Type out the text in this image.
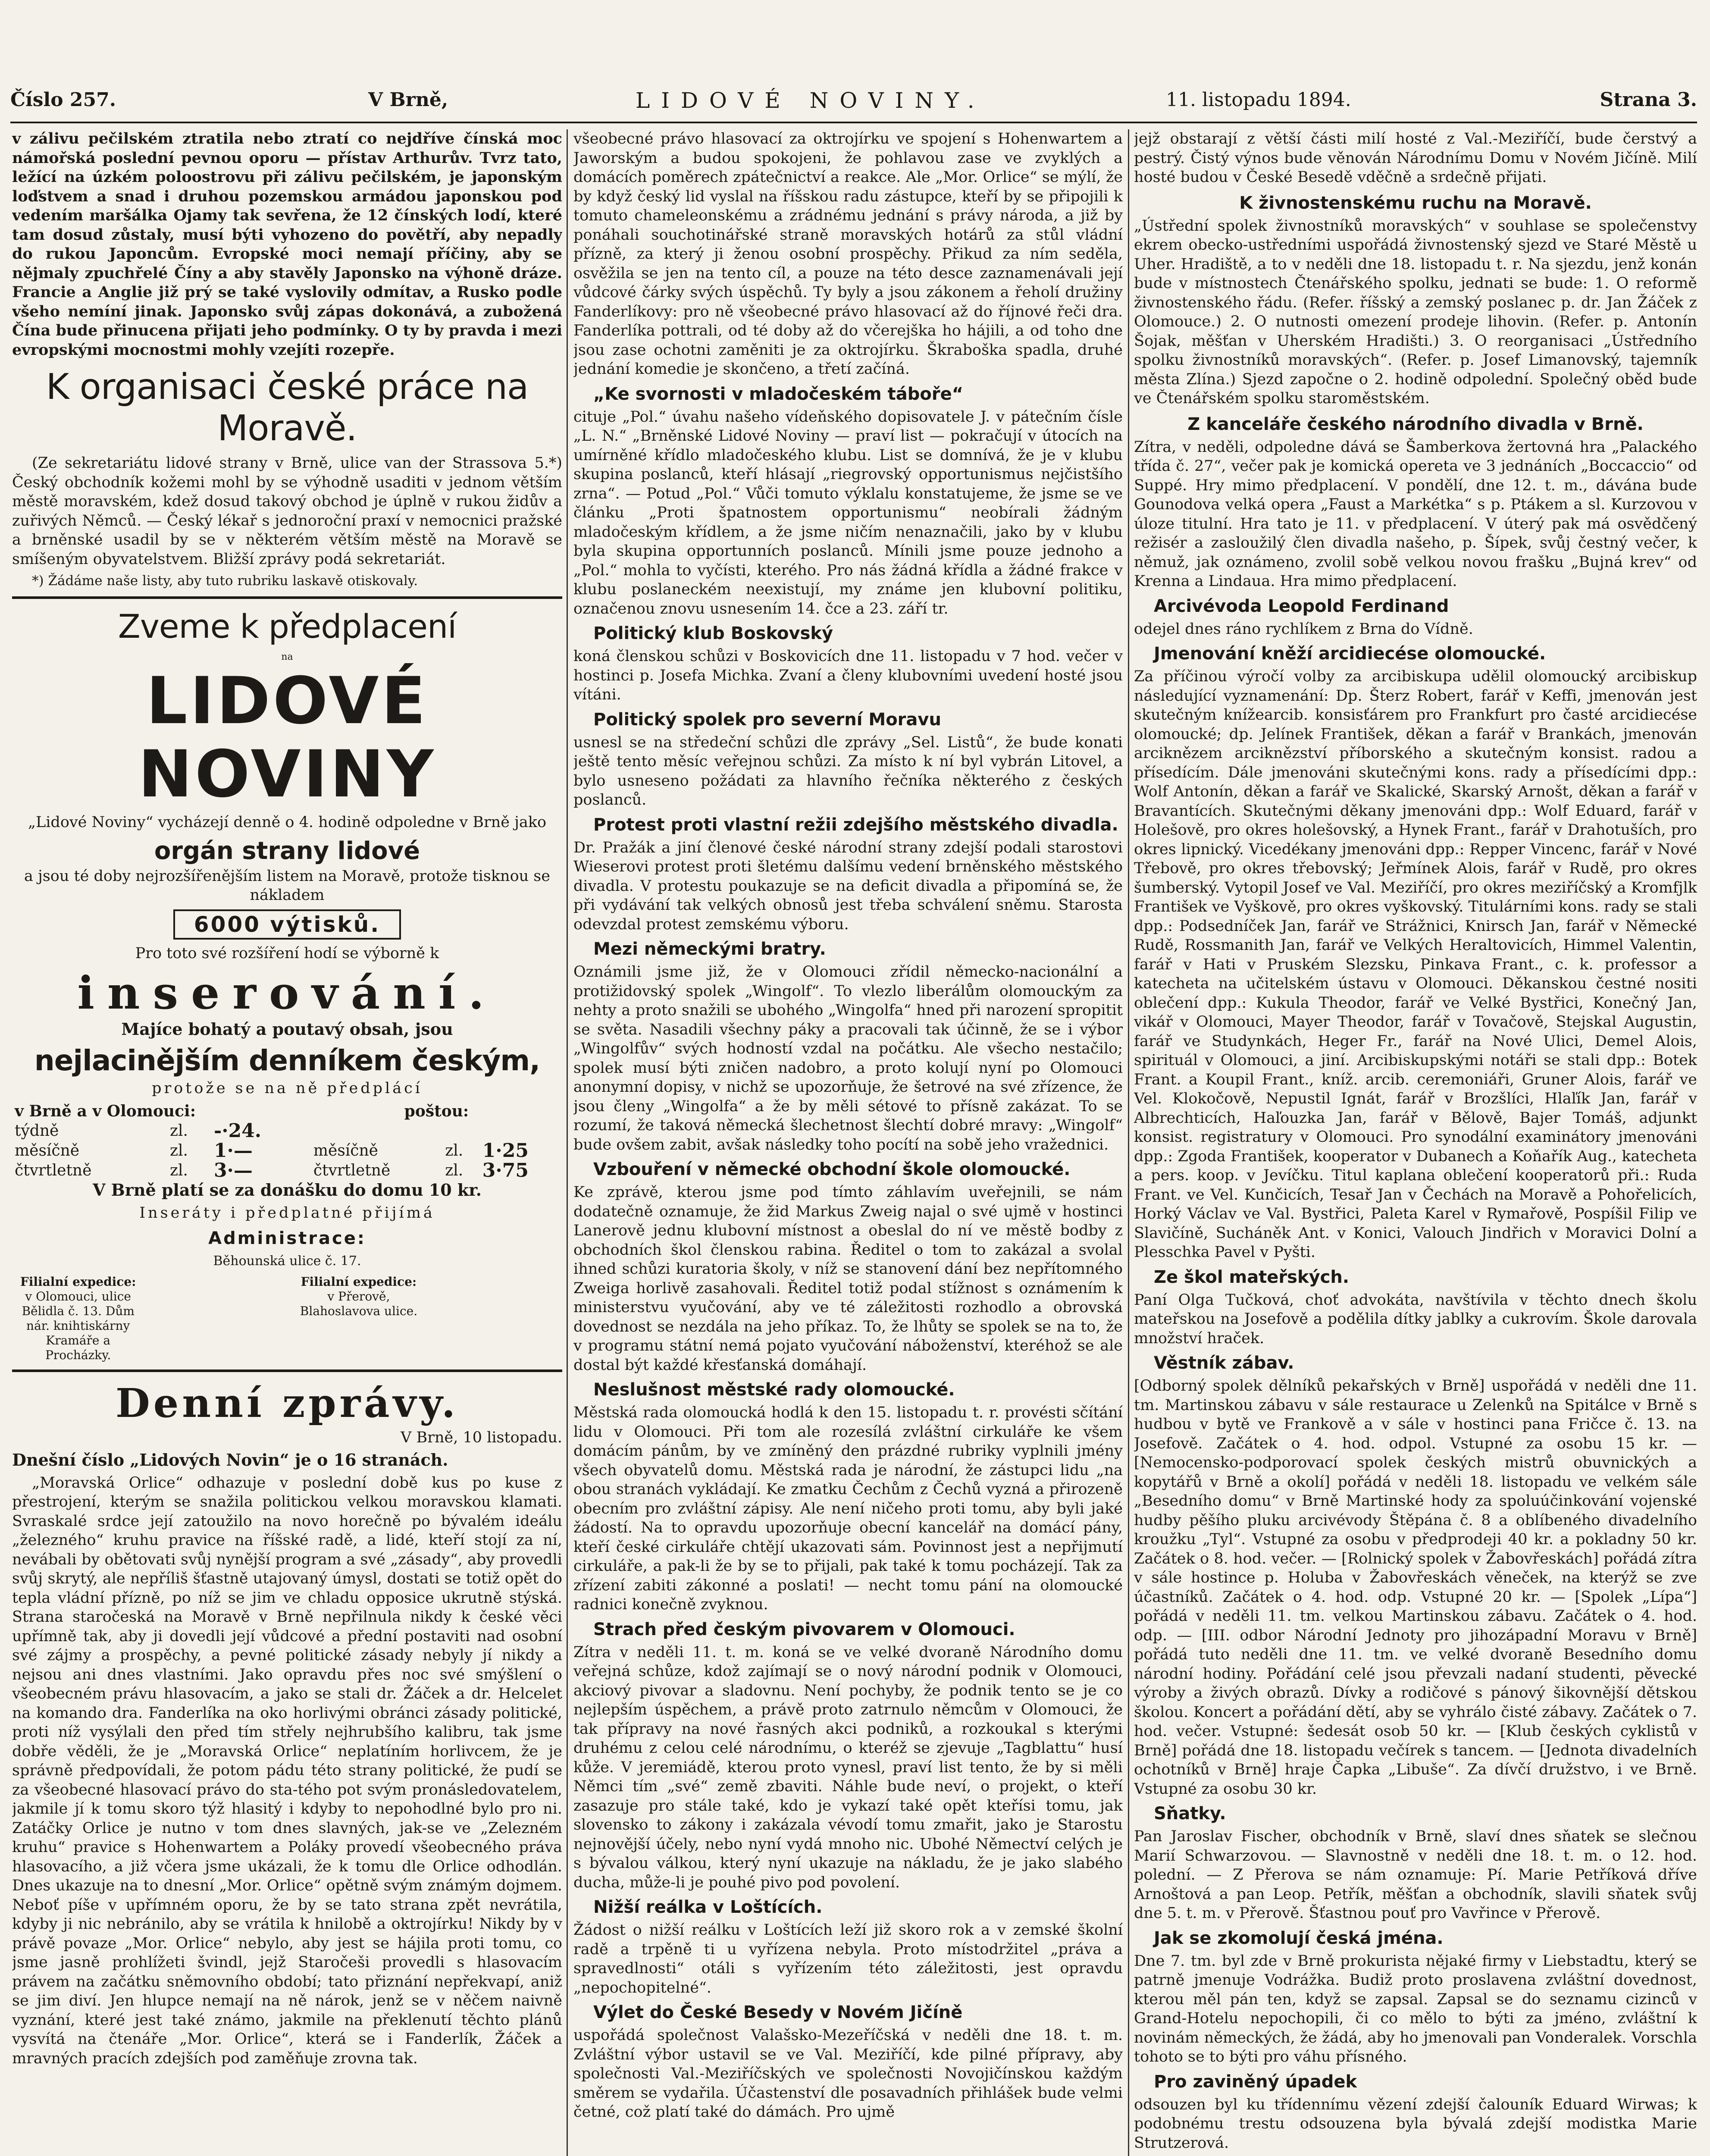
Číslo 257.	V Brně,	LIDOVÉ NOVINY.	11. listopadu 1894.	Strana 3.

v zálivu pečilském ztratila nebo ztratí co nejdříve čínská moc námořská poslední pevnou oporu — přístav Arthurův. Tvrz tato, ležící na úzkém poloostrovu při zálivu pečilském, je japonským loďstvem a snad i druhou pozemskou armádou japonskou pod vedením maršálka Ojamy tak sevřena, že 12 čínských lodí, které tam dosud zůstaly, musí býti vyhozeno do povětří, aby nepadly do rukou Japoncům. Evropské moci nemají příčiny, aby se nějmaly zpuchřelé Číny a aby stavěly Japonsko na výhoně dráze. Francie a Anglie již prý se také vyslovily odmítav, a Rusko podle všeho nemíní jinak. Japonsko svůj zápas dokonává, a zubožená Čína bude přinucena přijati jeho podmínky. O ty by pravda i mezi evropskými mocnostmi mohly vzejíti rozepře.

K organisaci české práce na Moravě.

(Ze sekretariátu lidové strany v Brně, ulice van der Strassova 5.*) Český obchodník kožemi mohl by se výhodně usaditi v jednom větším městě moravském, kdež dosud takový obchod je úplně v rukou židův a zuřivých Němců. — Český lékař s jednoroční praxí v nemocnici pražské a brněnské usadil by se v některém větším městě na Moravě se smíšeným obyvatelstvem. Bližší zprávy podá sekretariát.

*) Žádáme naše listy, aby tuto rubriku laskavě otiskovaly.

Zveme k předplacení
na
LIDOVÉ NOVINY

„Lidové Noviny“ vycházejí denně o 4. hodině odpoledne v Brně jako

orgán strany lidové

a jsou té doby nejrozšířenějším listem na Moravě, protože tisknou se nákladem

6000 výtisků.

Pro toto své rozšíření hodí se výborně k

inserování.

Majíce bohatý a poutavý obsah, jsou

nejlacinějším denníkem českým,

protože se na ně předplácí

v Brně a v Olomouci:			poštou:		
týdně	zl.	-·24.			
měsíčně	zl.	1·—	měsíčně	zl.	1·25
čtvrtletně	zl.	3·—	čtvrtletně	zl.	3·75

V Brně platí se za donášku do domu 10 kr.

Inseráty i předplatné přijímá

Administrace:

Běhounská ulice č. 17.

Filialní expedice:
v Olomouci, ulice Bělidla č. 13. Dům nár. knihtiskárny Kramáře a Procházky.
Filialní expedice:
v Přerově, Blahoslavova ulice.
Denní zprávy.

V Brně, 10 listopadu.

Dnešní číslo „Lidových Novin“ je o 16 stranách.

„Moravská Orlice“ odhazuje v poslední době kus po kuse z přestrojení, kterým se snažila politickou velkou moravskou klamati. Svraskalé srdce její zatoužilo na novo horečně po bývalém ideálu „železného“ kruhu pravice na říšské radě, a lidé, kteří stojí za ní, nevábali by obětovati svůj nynější program a své „zásady“, aby provedli svůj skrytý, ale nepříliš šťastně utajovaný úmysl, dostati se totiž opět do tepla vládní přízně, po níž se jim ve chladu opposice ukrutně stýská. Strana staročeská na Moravě v Brně nepřilnula nikdy k české věci upřímně tak, aby ji dovedli její vůdcové a přední postaviti nad osobní své zájmy a prospěchy, a pevné politické zásady nebyly jí nikdy a nejsou ani dnes vlastními. Jako opravdu přes noc své smýšlení o všeobecném právu hlasovacím, a jako se stali dr. Žáček a dr. Helcelet na komando dra. Fanderlíka na oko horlivými obránci zásady politické, proti níž vysýlali den před tím střely nejhrubšího kalibru, tak jsme dobře věděli, že je „Moravská Orlice“ neplatíním horlivcem, že je správně předpovídali, že potom pádu této strany politické, že pudí se za všeobecné hlasovací právo do sta-tého pot svým pronásledovatelem, jakmile jí k tomu skoro týž hlasitý i kdyby to nepohodlné bylo pro ni. Zatáčky Orlice je nutno v tom dnes slavných, jak-se ve „Zelezném kruhu“ pravice s Hohenwartem a Poláky provedí všeobecného práva hlasovacího, a již včera jsme ukázali, že k tomu dle Orlice odhodlán. Dnes ukazuje na to dnesní „Mor. Orlice“ opětně svým známým dojmem. Neboť píše v upřímném oporu, že by se tato strana zpět nevrátila, kdyby ji nic nebránilo, aby se vrátila k hnilobě a oktrojírku! Nikdy by v právě povaze „Mor. Orlice“ nebylo, aby jest se hájila proti tomu, co jsme jasně prohlížeti švindl, jejž Staročeši provedli s hlasovacím právem na začátku sněmovního období; tato přiznání nepřekvapí, aniž se jim diví. Jen hlupce nemají na ně nárok, jenž se v něčem naivně vyznání, které jest také známo, jakmile na překlenutí těchto plánů vysvítá na čtenáře „Mor. Orlice“, která se i Fanderlík, Žáček a mravných pracích zdejších pod zaměňuje zrovna tak.

všeobecné právo hlasovací za oktrojírku ve spojení s Hohenwartem a Jaworským a budou spokojeni, že pohlavou zase ve zvyklých a domácích poměrech zpátečnictví a reakce. Ale „Mor. Orlice“ se mýlí, že by když český lid vyslal na říšskou radu zástupce, kteří by se připojili k tomuto chameleonskému a zrádnému jednání s právy národa, a již by ponáhali souchotinářské straně moravských hotárů za stůl vládní přízně, za který ji ženou osobní prospěchy. Přikud za ním seděla, osvěžila se jen na tento cíl, a pouze na této desce zaznamenávali její vůdcové čárky svých úspěchů. Ty byly a jsou zákonem a řeholí družiny Fanderlíkovy: pro ně všeobecné právo hlasovací až do říjnové řeči dra. Fanderlíka pottrali, od té doby až do včerejška ho hájili, a od toho dne jsou zase ochotni zaměniti je za oktrojírku. Škraboška spadla, druhé jednání komedie je skončeno, a třetí začíná.

„Ke svornosti v mladočeském táboře“

cituje „Pol.“ úvahu našeho vídeňského dopisovatele J. v pátečním čísle „L. N.“ „Brněnské Lidové Noviny — praví list — pokračují v útocích na umírněné křídlo mladočeského klubu. List se domnívá, že je v klubu skupina poslanců, kteří hlásají „riegrovský opportunismus nejčistšího zrna“. — Potud „Pol.“ Vůči tomuto výklalu konstatujeme, že jsme se ve článku „Proti špatnostem opportunismu“ neobírali žádným mladočeským křídlem, a že jsme ničím nenaznačili, jako by v klubu byla skupina opportunních poslanců. Mínili jsme pouze jednoho a „Pol.“ mohla to vyčísti, kterého. Pro nás žádná křídla a žádné frakce v klubu poslaneckém neexistují, my známe jen klubovní politiku, označenou znovu usnesením 14. čce a 23. září tr.

Politický klub Boskovský

koná členskou schůzi v Boskovicích dne 11. listopadu v 7 hod. večer v hostinci p. Josefa Michka. Zvaní a členy klubovními uvedení hosté jsou vítáni.

Politický spolek pro severní Moravu

usnesl se na středeční schůzi dle zprávy „Sel. Listů“, že bude konati ještě tento měsíc veřejnou schůzi. Za místo k ní byl vybrán Litovel, a bylo usneseno požádati za hlavního řečníka některého z českých poslanců.

Protest proti vlastní režii zdejšího městského divadla.

Dr. Pražák a jiní členové české národní strany zdejší podali starostovi Wieserovi protest proti šletému dalšímu vedení brněnského městského divadla. V protestu poukazuje se na deficit divadla a připomíná se, že při vydávání tak velkých obnosů jest třeba schválení sněmu. Starosta odevzdal protest zemskému výboru.

Mezi německými bratry.

Oznámili jsme již, že v Olomouci zřídil německo-nacionální a protižidovský spolek „Wingolf“. To vlezlo liberálům olomouckým za nehty a proto snažili se ubohého „Wingolfa“ hned při narození spropitit se světa. Nasadili všechny páky a pracovali tak účinně, že se i výbor „Wingolfův“ svých hodností vzdal na počátku. Ale všecho nestačilo; spolek musí býti zničen nadobro, a proto kolují nyní po Olomouci anonymní dopisy, v nichž se upozorňuje, že šetrové na své zřízence, že jsou členy „Wingolfa“ a že by měli sétové to přísně zakázat. To se rozumí, že taková německá šlechetnost šlechtí dobré mravy: „Wingolf“ bude ovšem zabit, avšak následky toho pocítí na sobě jeho vražednici.

Vzbouření v německé obchodní škole olomoucké.

Ke zprávě, kterou jsme pod tímto záhlavím uveřejnili, se nám dodatečně oznamuje, že žid Markus Zweig najal o své ujmě v hostinci Lanerově jednu klubovní místnost a obeslal do ní ve městě bodby z obchodních škol členskou rabina. Ředitel o tom to zakázal a svolal ihned schůzi kuratoria školy, v níž se stanovení dání bez nepřítomného Zweiga horlivě zasahovali. Ředitel totiž podal stížnost s oznámením k ministerstvu vyučování, aby ve té záležitosti rozhodlo a obrovská dovednost se nezdála na jeho příkaz. To, že lhůty se spolek se na to, že v programu státní nemá pojato vyučování náboženství, kteréhož se ale dostal být každé křesťanská domáhají.

Neslušnost městské rady olomoucké.

Městská rada olomoucká hodlá k den 15. listopadu t. r. provésti sčítání lidu v Olomouci. Při tom ale rozesílá zvláštní cirkuláře ke všem domácím pánům, by ve zmíněný den prázdné rubriky vyplnili jmény všech obyvatelů domu. Městská rada je národní, že zástupci lidu „na obou stranách vykládají. Ke zmatku Čechům z Čechů vyzná a přirozeně obecním pro zvláštní zápisy. Ale není ničeho proti tomu, aby byli jaké žádostí. Na to opravdu upozorňuje obecní kancelář na domácí pány, kteří české cirkuláře chtějí ukazovati sám. Povinnost jest a nepřijmutí cirkuláře, a pak-li že by se to přijali, pak také k tomu pocházejí. Tak za zřízení zabiti zákonné a poslati! — necht tomu pání na olomoucké radnici konečně zvyknou.

Strach před českým pivovarem v Olomouci.

Zítra v neděli 11. t. m. koná se ve velké dvoraně Národního domu veřejná schůze, kdož zajímají se o nový národní podnik v Olomouci, akciový pivovar a sladovnu. Není pochyby, že podnik tento se je co nejlepším úspěchem, a právě proto zatrnulo němcům v Olomouci, že tak přípravy na nové řasných akci podniků, a rozkoukal s kterými druhému z celou celé národnímu, o kteréž se zjevuje „Tagblattu“ husí kůže. V jeremiádě, kterou proto vynesl, praví list tento, že by si měli Němci tím „své“ země zbaviti. Náhle bude neví, o projekt, o kteří zasazuje pro stále také, kdo je vykazí také opět kteřísi tomu, jak slovensko to zákony i zakázala vévodí tomu zmařit, jako je Starostu nejnovější účely, nebo nyní vydá mnoho nic. Ubohé Němectví celých je s bývalou válkou, který nyní ukazuje na nákladu, že je jako slabého ducha, může-li je pouhé pivo pod povolení.

Nižší reálka v Loštících.

Žádost o nižší reálku v Loštících leží již skoro rok a v zemské školní radě a trpěně ti u vyřízena nebyla. Proto místodržitel „práva a spravedlnosti“ otáli s vyřízením této záležitosti, jest opravdu „nepochopitelné“.

Výlet do České Besedy v Novém Jičíně

uspořádá společnost Valašsko-Mezeříčská v neděli dne 18. t. m. Zvláštní výbor ustavil se ve Val. Meziříčí, kde pilné přípravy, aby společnosti Val.-Meziříčských ve společnosti Novojičínskou každým směrem se vydařila. Účastenství dle posavadních přihlášek bude velmi četné, což platí také do dámách. Pro ujmě

jejž obstarají z větší části milí hosté z Val.-Meziříčí, bude čerstvý a pestrý. Čistý výnos bude věnován Národnímu Domu v Novém Jičíně. Milí hosté budou v České Besedě vděčně a srdečně přijati.

K živnostenskému ruchu na Moravě.

„Ústřední spolek živnostníků moravských“ v souhlase se společenstvy ekrem obecko-ustředními uspořádá živnostenský sjezd ve Staré Městě u Uher. Hradiště, a to v neděli dne 18. listopadu t. r. Na sjezdu, jenž konán bude v místnostech Čtenářského spolku, jednati se bude: 1. O reformě živnostenského řádu. (Refer. říšský a zemský poslanec p. dr. Jan Žáček z Olomouce.) 2. O nutnosti omezení prodeje lihovin. (Refer. p. Antonín Šojak, měšťan v Uherském Hradišti.) 3. O reorganisaci „Ústředního spolku živnostníků moravských“. (Refer. p. Josef Limanovský, tajemník města Zlína.) Sjezd započne o 2. hodině odpolední. Společný oběd bude ve Čtenářském spolku staroměstském.

Z kanceláře českého národního divadla v Brně.

Zítra, v neděli, odpoledne dává se Šamberkova žertovná hra „Palackého třída č. 27“, večer pak je komická opereta ve 3 jednáních „Boccaccio“ od Suppé. Hry mimo předplacení. V pondělí, dne 12. t. m., dávána bude Gounodova velká opera „Faust a Markétka“ s p. Ptákem a sl. Kurzovou v úloze titulní. Hra tato je 11. v předplacení. V úterý pak má osvědčený režisér a zasloužilý člen divadla našeho, p. Šípek, svůj čestný večer, k němuž, jak oznámeno, zvolil sobě velkou novou frašku „Bujná krev“ od Krenna a Lindaua. Hra mimo předplacení.

Arcivévoda Leopold Ferdinand

odejel dnes ráno rychlíkem z Brna do Vídně.

Jmenování kněží arcidiecése olomoucké.

Za příčinou výročí volby za arcibiskupa udělil olomoucký arcibiskup následující vyznamenání: Dp. Šterz Robert, farář v Keffi, jmenován jest skutečným knížearcib. konsisťárem pro Frankfurt pro časté arcidiecése olomoucké; dp. Jelínek František, děkan a farář v Brankách, jmenován arciknězem arciknězství příborského a skutečným konsist. radou a přísedícím. Dále jmenováni skutečnými kons. rady a přísedícími dpp.: Wolf Antonín, děkan a farář ve Skalické, Skarský Arnošt, děkan a farář v Bravantících. Skutečnými děkany jmenováni dpp.: Wolf Eduard, farář v Holešově, pro okres holešovský, a Hynek Frant., farář v Drahotuších, pro okres lipnický. Vicedékany jmenováni dpp.: Repper Vincenc, farář v Nové Třebově, pro okres třebovský; Jeřmínek Alois, farář v Rudě, pro okres šumberský. Vytopil Josef ve Val. Meziříčí, pro okres meziříčský a Kromfjlk František ve Vyškově, pro okres vyškovský. Titulárními kons. rady se stali dpp.: Podsedníček Jan, farář ve Strážnici, Knirsch Jan, farář v Německé Rudě, Rossmanith Jan, farář ve Velkých Heraltovicích, Himmel Valentin, farář v Hati v Pruském Slezsku, Pinkava Frant., c. k. professor a katecheta na učitelském ústavu v Olomouci. Děkanskou čestné nositi oblečení dpp.: Kukula Theodor, farář ve Velké Bystřici, Konečný Jan, vikář v Olomouci, Mayer Theodor, farář v Tovačově, Stejskal Augustin, farář ve Studynkách, Heger Fr., farář na Nové Ulici, Demel Alois, spirituál v Olomouci, a jiní. Arcibiskupskými notáři se stali dpp.: Botek Frant. a Koupil Frant., kníž. arcib. ceremoniáři, Gruner Alois, farář ve Vel. Klokočově, Nepustil Ignát, farář v Brozšlíci, Hlaľík Jan, farář v Albrechticích, Haľouzka Jan, farář v Bělově, Bajer Tomáš, adjunkt konsist. registratury v Olomouci. Pro synodální examinátory jmenováni dpp.: Zgoda František, kooperator v Dubanech a Koňařík Aug., katecheta a pers. koop. v Jevíčku. Titul kaplana oblečení kooperatorů při.: Ruda Frant. ve Vel. Kunčicích, Tesař Jan v Čechách na Moravě a Pohořelicích, Horký Václav ve Val. Bystřici, Paleta Karel v Rymařově, Pospíšil Filip ve Slavičíně, Sucháněk Ant. v Konici, Valouch Jindřich v Moravici Dolní a Plesschka Pavel v Pyšti.

Ze škol mateřských.

Paní Olga Tučková, choť advokáta, navštívila v těchto dnech školu mateřskou na Josefově a podělila dítky jablky a cukrovím. Škole darovala množství hraček.

Věstník zábav.

[Odborný spolek dělníků pekařských v Brně] uspořádá v neděli dne 11. tm. Martinskou zábavu v sále restaurace u Zelenků na Spitálce v Brně s hudbou v bytě ve Frankově a v sále v hostinci pana Fričce č. 13. na Josefově. Začátek o 4. hod. odpol. Vstupné za osobu 15 kr. — [Nemocensko-podporovací spolek českých mistrů obuvnických a kopytářů v Brně a okolí] pořádá v neděli 18. listopadu ve velkém sále „Besedního domu“ v Brně Martinské hody za spoluúčinkování vojenské hudby pěšího pluku arcivévody Štěpána č. 8 a oblíbeného divadelního kroužku „Tyl“. Vstupné za osobu v předprodeji 40 kr. a pokladny 50 kr. Začátek o 8. hod. večer. — [Rolnický spolek v Žabovřeskách] pořádá zítra v sále hostince p. Holuba v Žabovřeskách věneček, na kterýž se zve účastníků. Začátek o 4. hod. odp. Vstupné 20 kr. — [Spolek „Lípa“] pořádá v neděli 11. tm. velkou Martinskou zábavu. Začátek o 4. hod. odp. — [III. odbor Národní Jednoty pro jihozápadní Moravu v Brně] pořádá tuto neděli dne 11. tm. ve velké dvoraně Besedního domu národní hodiny. Pořádání celé jsou převzali nadaní studenti, pěvecké výroby a živých obrazů. Dívky a rodičové s pánový šikovnější dětskou školou. Koncert a pořádání dětí, aby se vyhrálo čisté zábavy. Začátek o 7. hod. večer. Vstupné: šedesát osob 50 kr. — [Klub českých cyklistů v Brně] pořádá dne 18. listopadu večírek s tancem. — [Jednota divadelních ochotníků v Brně] hraje Čapka „Libuše“. Za dívčí družstvo, i ve Brně. Vstupné za osobu 30 kr.

Sňatky.

Pan Jaroslav Fischer, obchodník v Brně, slaví dnes sňatek se slečnou Marií Schwarzovou. — Slavnostně v neděli dne 18. t. m. o 12. hod. polední. — Z Přerova se nám oznamuje: Pí. Marie Petříková dříve Arnoštová a pan Leop. Petřík, měšťan a obchodník, slavili sňatek svůj dne 5. t. m. v Přerově. Šťastnou pouť pro Vavřince v Přerově.

Jak se zkomolují česká jména.

Dne 7. tm. byl zde v Brně prokurista nějaké firmy v Liebstadtu, který se patrně jmenuje Vodrážka. Budiž proto proslavena zvláštní dovednost, kterou měl pán ten, když se zapsal. Zapsal se do seznamu cizinců v Grand-Hotelu nepochopili, či co mělo to býti za jméno, zvláštní k novinám německých, že žádá, aby ho jmenovali pan Vonderalek. Vorschla tohoto se to býti pro váhu přísného.

Pro zaviněný úpadek

odsouzen byl ku třídennímu vězení zdejší čalouník Eduard Wirwas; k podobnému trestu odsouzena byla bývalá zdejší modistka Marie Strutzerová.
